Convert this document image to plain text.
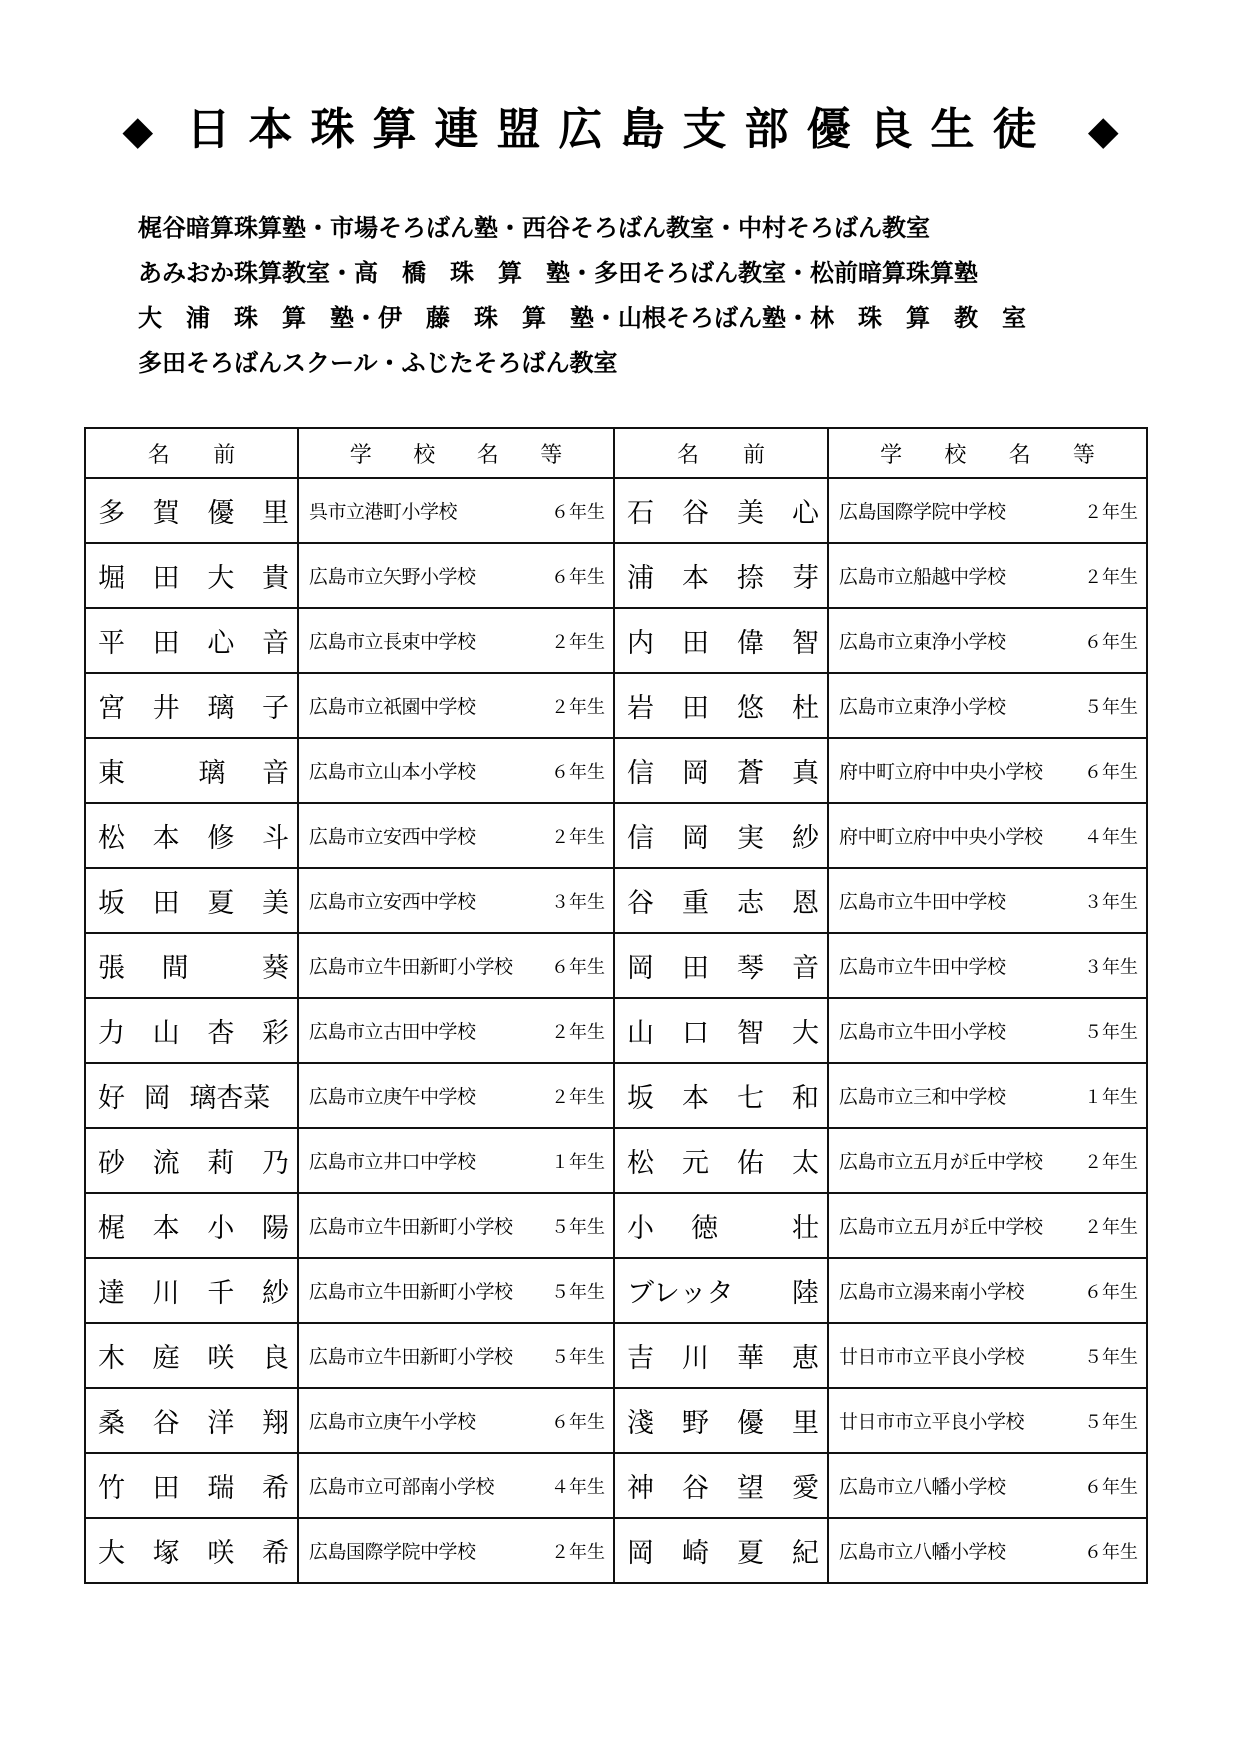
◆ 日本珠算連盟広島支部優良生徒 ◆
梶谷暗算珠算塾・市場そろばん塾・西谷そろばん教室・中村そろばん教室
あみおか珠算教室・高　橋　珠　算　塾・多田そろばん教室・松前暗算珠算塾
大　浦　珠　算　塾・伊　藤　珠　算　塾・山根そろばん塾・林　珠　算　教　室
多田そろばんスクール・ふじたそろばん教室
名 前	学 校 名 等	名 前	学 校 名 等

多 賀 優 里	呉市立港町小学校 ６年生	石 谷 美 心	広島国際学院中学校 ２年生

堀 田 大 貴	広島市立矢野小学校 ６年生	浦 本 捺 芽	広島市立船越中学校 ２年生

平 田 心 音	広島市立長束中学校 ２年生	内 田 偉 智	広島市立東浄小学校 ６年生

宮 井 璃 子	広島市立祇園中学校 ２年生	岩 田 悠 杜	広島市立東浄小学校 ５年生

東 璃 音	広島市立山本小学校 ６年生	信 岡 蒼 真	府中町立府中中央小学校 ６年生

松 本 修 斗	広島市立安西中学校 ２年生	信 岡 実 紗	府中町立府中中央小学校 ４年生

坂 田 夏 美	広島市立安西中学校 ３年生	谷 重 志 恩	広島市立牛田中学校 ３年生

張 間 葵	広島市立牛田新町小学校 ６年生	岡 田 琴 音	広島市立牛田中学校 ３年生

力 山 杏 彩	広島市立古田中学校 ２年生	山 口 智 大	広島市立牛田小学校 ５年生

好 岡 璃杏菜	広島市立庚午中学校 ２年生	坂 本 七 和	広島市立三和中学校 １年生

砂 流 莉 乃	広島市立井口中学校 １年生	松 元 佑 太	広島市立五月が丘中学校 ２年生

梶 本 小 陽	広島市立牛田新町小学校 ５年生	小 徳 壮	広島市立五月が丘中学校 ２年生

達 川 千 紗	広島市立牛田新町小学校 ５年生	ブレッタ 陸	広島市立湯来南小学校 ６年生

木 庭 咲 良	広島市立牛田新町小学校 ５年生	吉 川 華 恵	廿日市市立平良小学校 ５年生

桑 谷 洋 翔	広島市立庚午小学校 ６年生	淺 野 優 里	廿日市市立平良小学校 ５年生

竹 田 瑞 希	広島市立可部南小学校 ４年生	神 谷 望 愛	広島市立八幡小学校 ６年生

大 塚 咲 希	広島国際学院中学校 ２年生	岡 崎 夏 紀	広島市立八幡小学校 ６年生
